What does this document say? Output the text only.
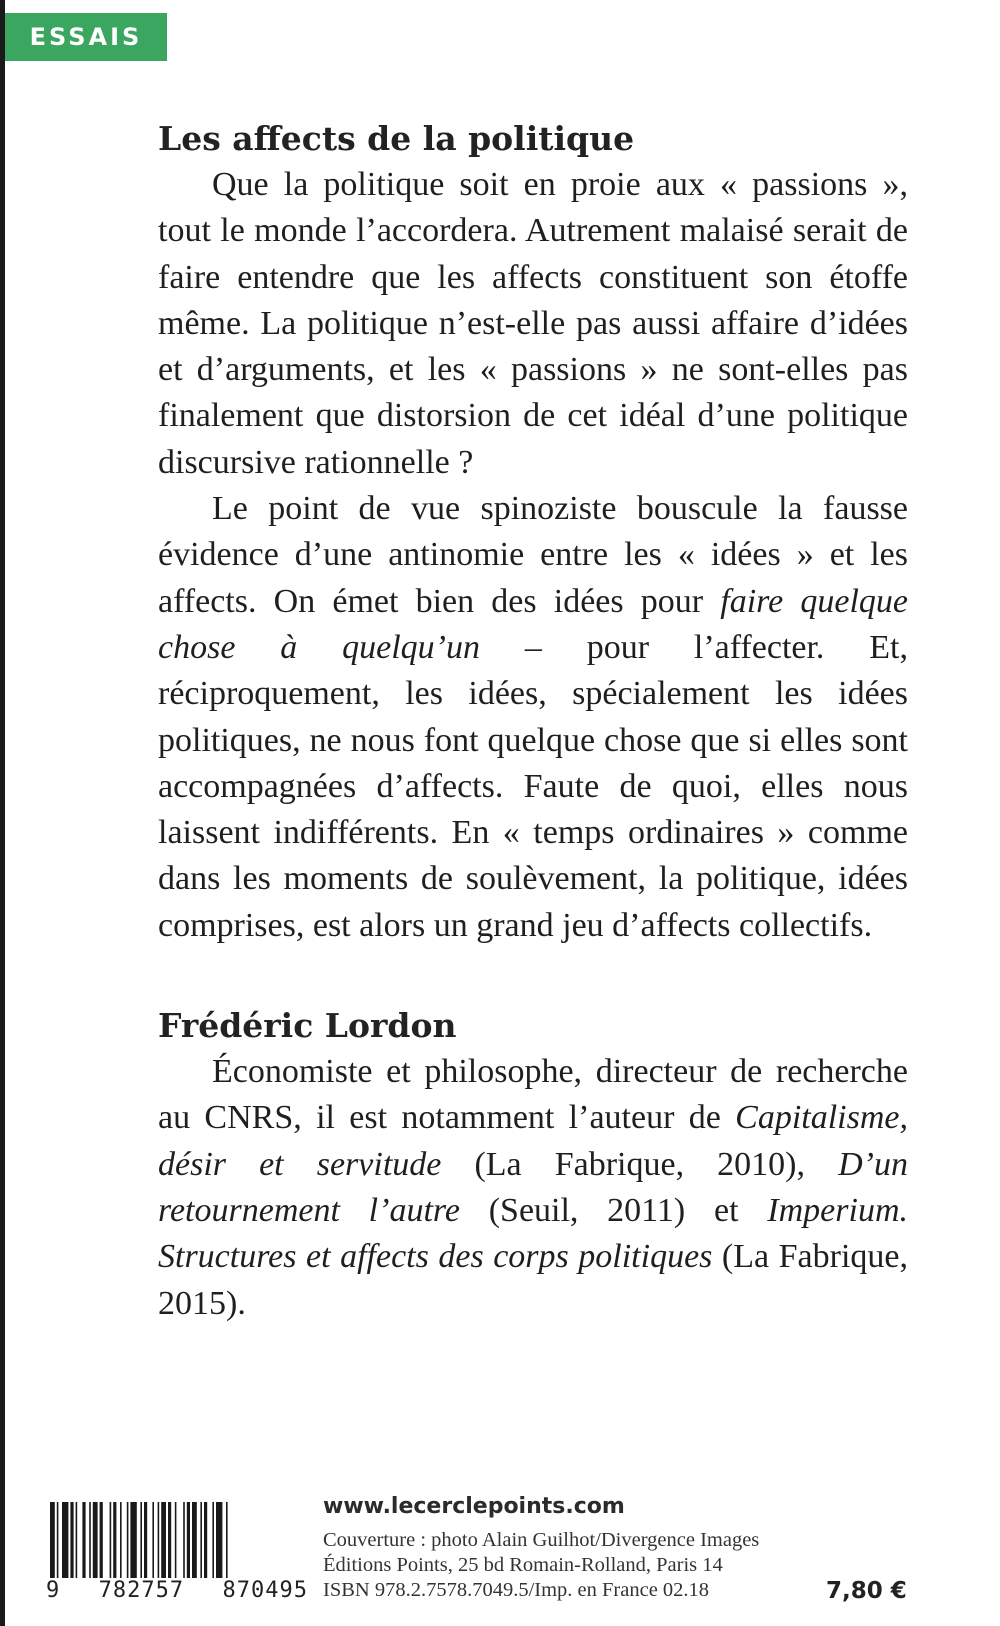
ESSAIS
Les affects de la politique

Que la politique soit en proie aux « passions », tout le monde l’accordera. Autrement malaisé serait de faire entendre que les affects constituent son étoffe même. La politique n’est-elle pas aussi affaire d’idées et d’arguments, et les « passions » ne sont-elles pas finalement que distorsion de cet idéal d’une politique discursive rationnelle ?

Le point de vue spinoziste bouscule la fausse évidence d’une antinomie entre les « idées » et les affects. On émet bien des idées pour faire quelque chose à quelqu’un – pour l’affecter. Et, réciproquement, les idées, spécialement les idées politiques, ne nous font quelque chose que si elles sont accompagnées d’affects. Faute de quoi, elles nous laissent indifférents. En « temps ordinaires » comme dans les moments de soulèvement, la politique, idées comprises, est alors un grand jeu d’affects collectifs.

Frédéric Lordon

Économiste et philosophe, directeur de recherche au CNRS, il est notamment l’auteur de Capitalisme, désir et servitude (La Fabrique, 2010), D’un retournement l’autre (Seuil, 2011) et Imperium. Structures et affects des corps politiques (La Fabrique, 2015).

9 782757 870495
www.lecerclepoints.com
Couverture : photo Alain Guilhot/Divergence Images
Éditions Points, 25 bd Romain-Rolland, Paris 14
ISBN 978.2.7578.7049.5/Imp. en France 02.18	7,80 €
